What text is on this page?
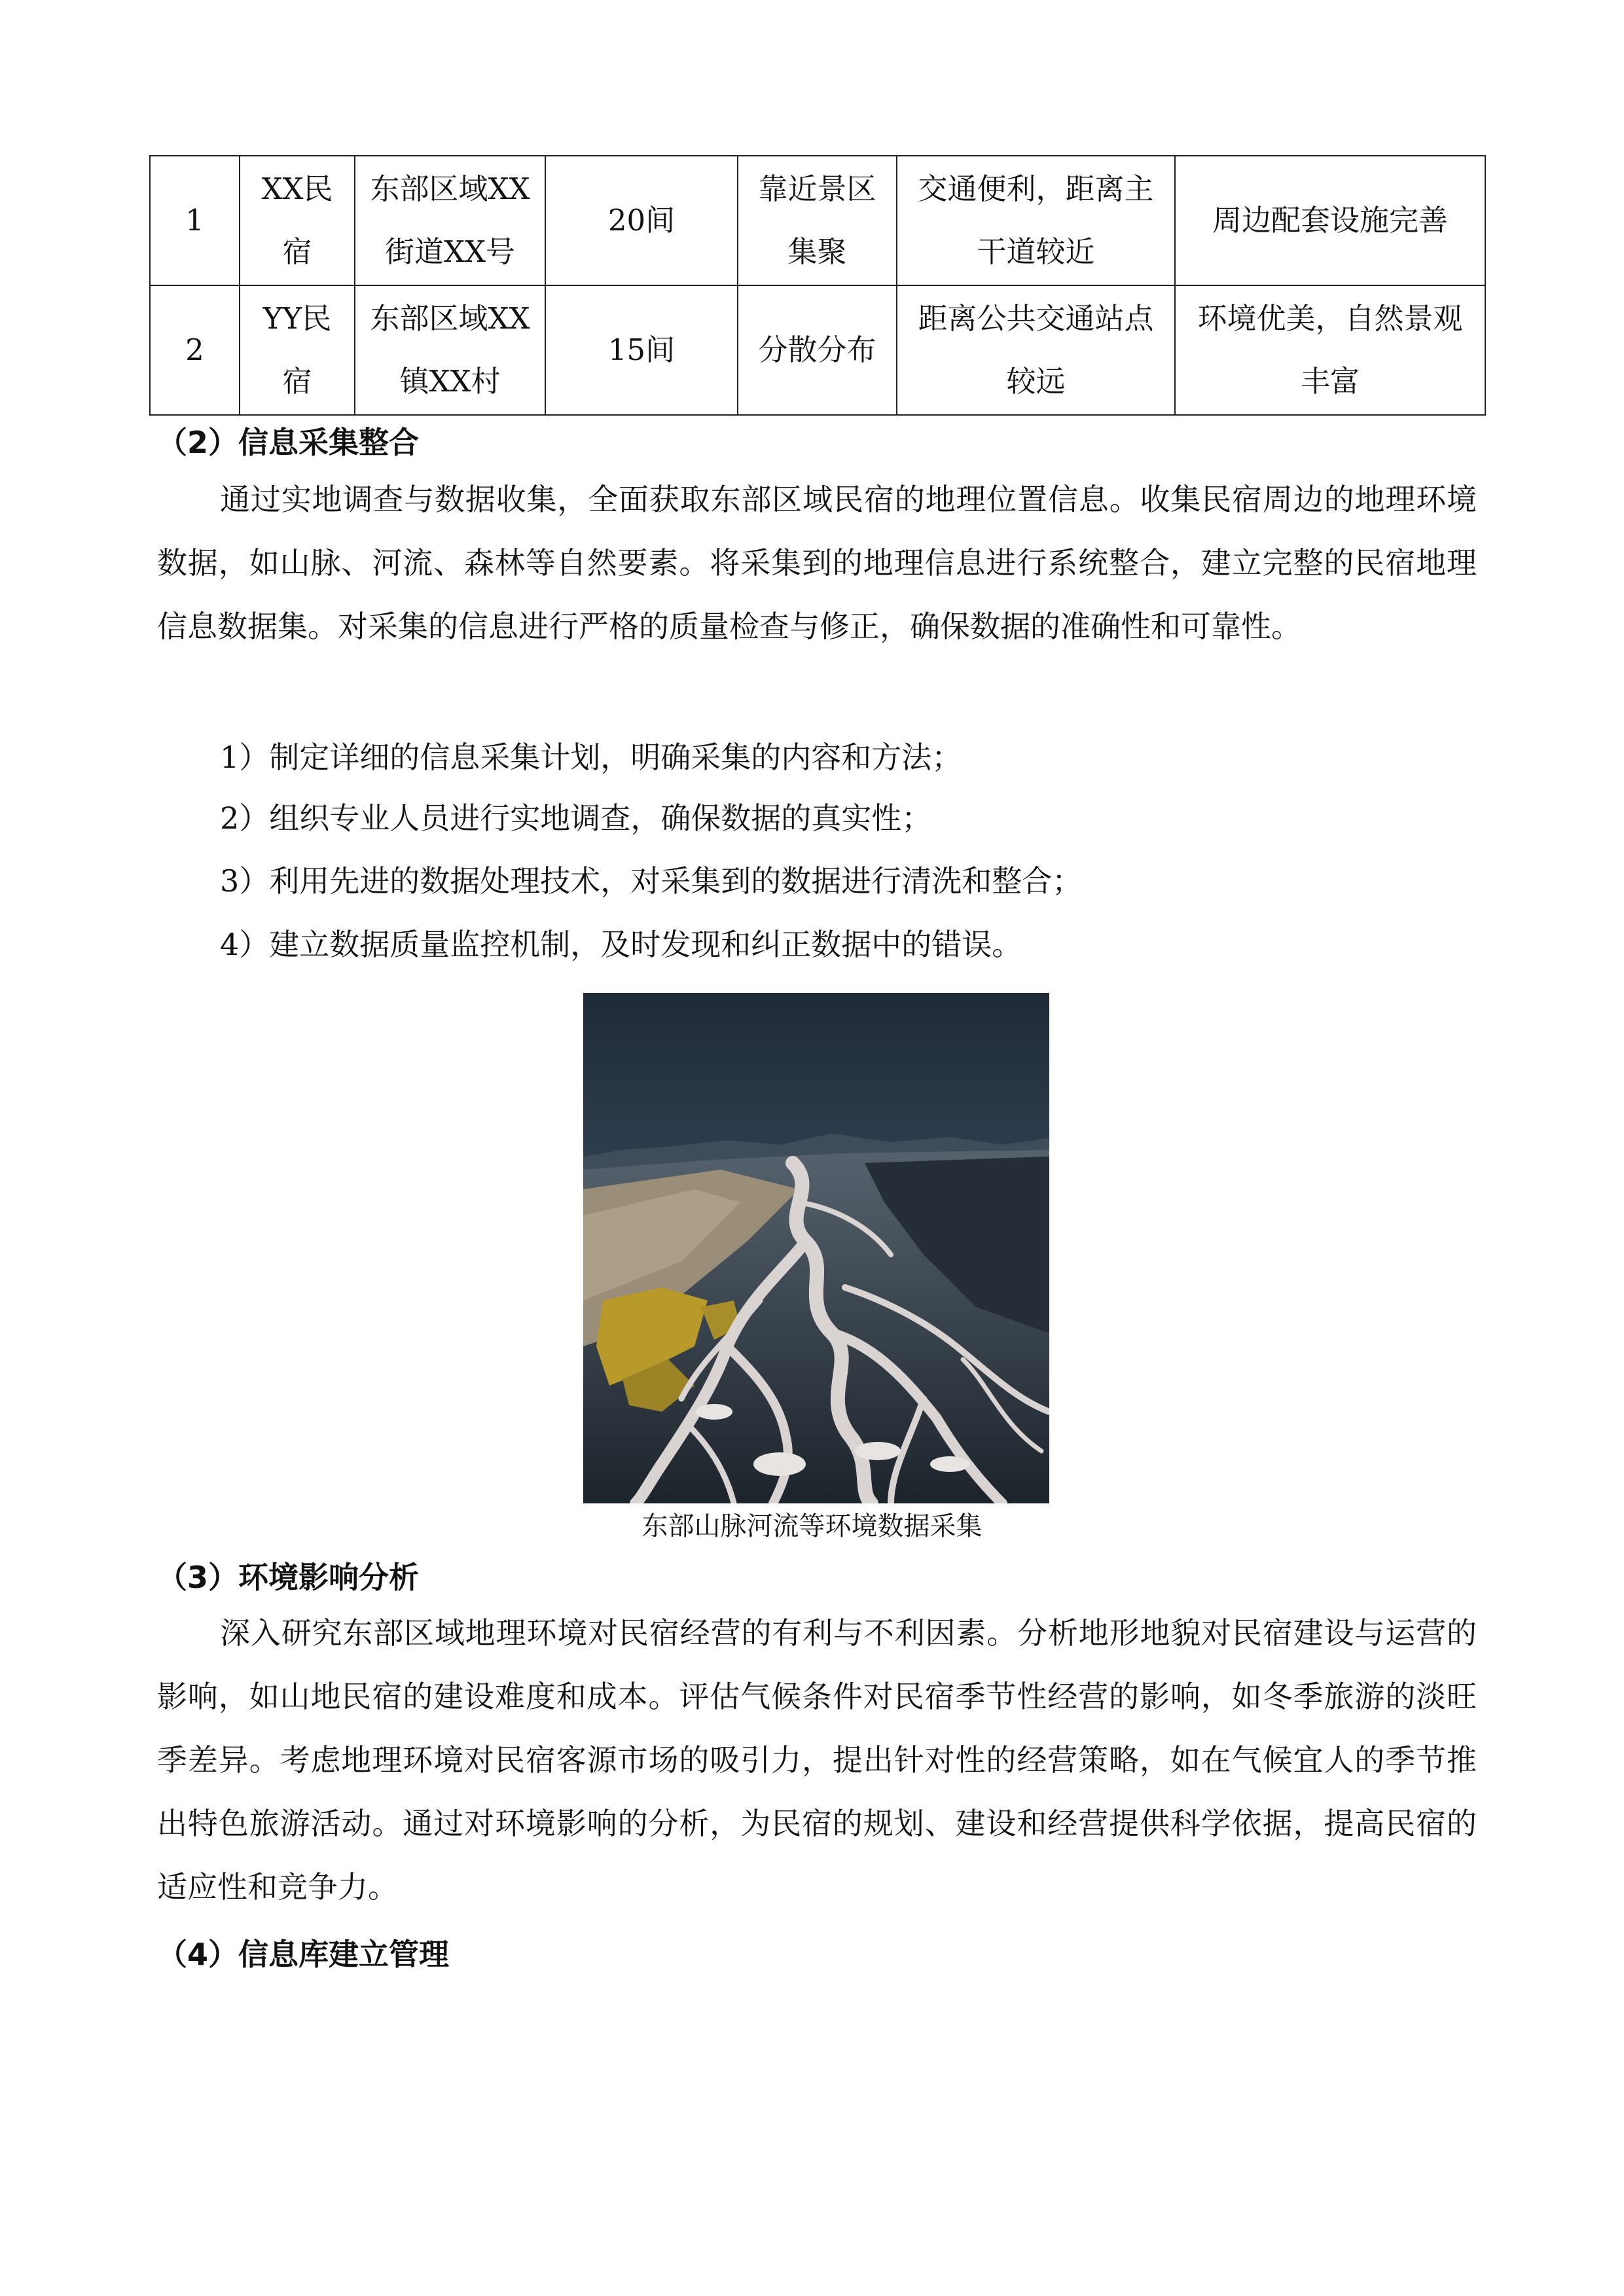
1	XX民宿	东部区域XX街道XX号	20间	靠近景区集聚	交通便利，距离主干道较近	周边配套设施完善
2	YY民宿	东部区域XX镇XX村	15间	分散分布	距离公共交通站点较远	环境优美，自然景观丰富
（2）信息采集整合

通过实地调查与数据收集，全面获取东部区域民宿的地理位置信息。收集民宿周边的地理环境数据，如山脉、河流、森林等自然要素。将采集到的地理信息进行系统整合，建立完整的民宿地理信息数据集。对采集的信息进行严格的质量检查与修正，确保数据的准确性和可靠性。

1）制定详细的信息采集计划，明确采集的内容和方法；
2）组织专业人员进行实地调查，确保数据的真实性；
3）利用先进的数据处理技术，对采集到的数据进行清洗和整合；
4）建立数据质量监控机制，及时发现和纠正数据中的错误。
东部山脉河流等环境数据采集
（3）环境影响分析

深入研究东部区域地理环境对民宿经营的有利与不利因素。分析地形地貌对民宿建设与运营的影响，如山地民宿的建设难度和成本。评估气候条件对民宿季节性经营的影响，如冬季旅游的淡旺季差异。考虑地理环境对民宿客源市场的吸引力，提出针对性的经营策略，如在气候宜人的季节推出特色旅游活动。通过对环境影响的分析，为民宿的规划、建设和经营提供科学依据，提高民宿的适应性和竞争力。

（4）信息库建立管理
